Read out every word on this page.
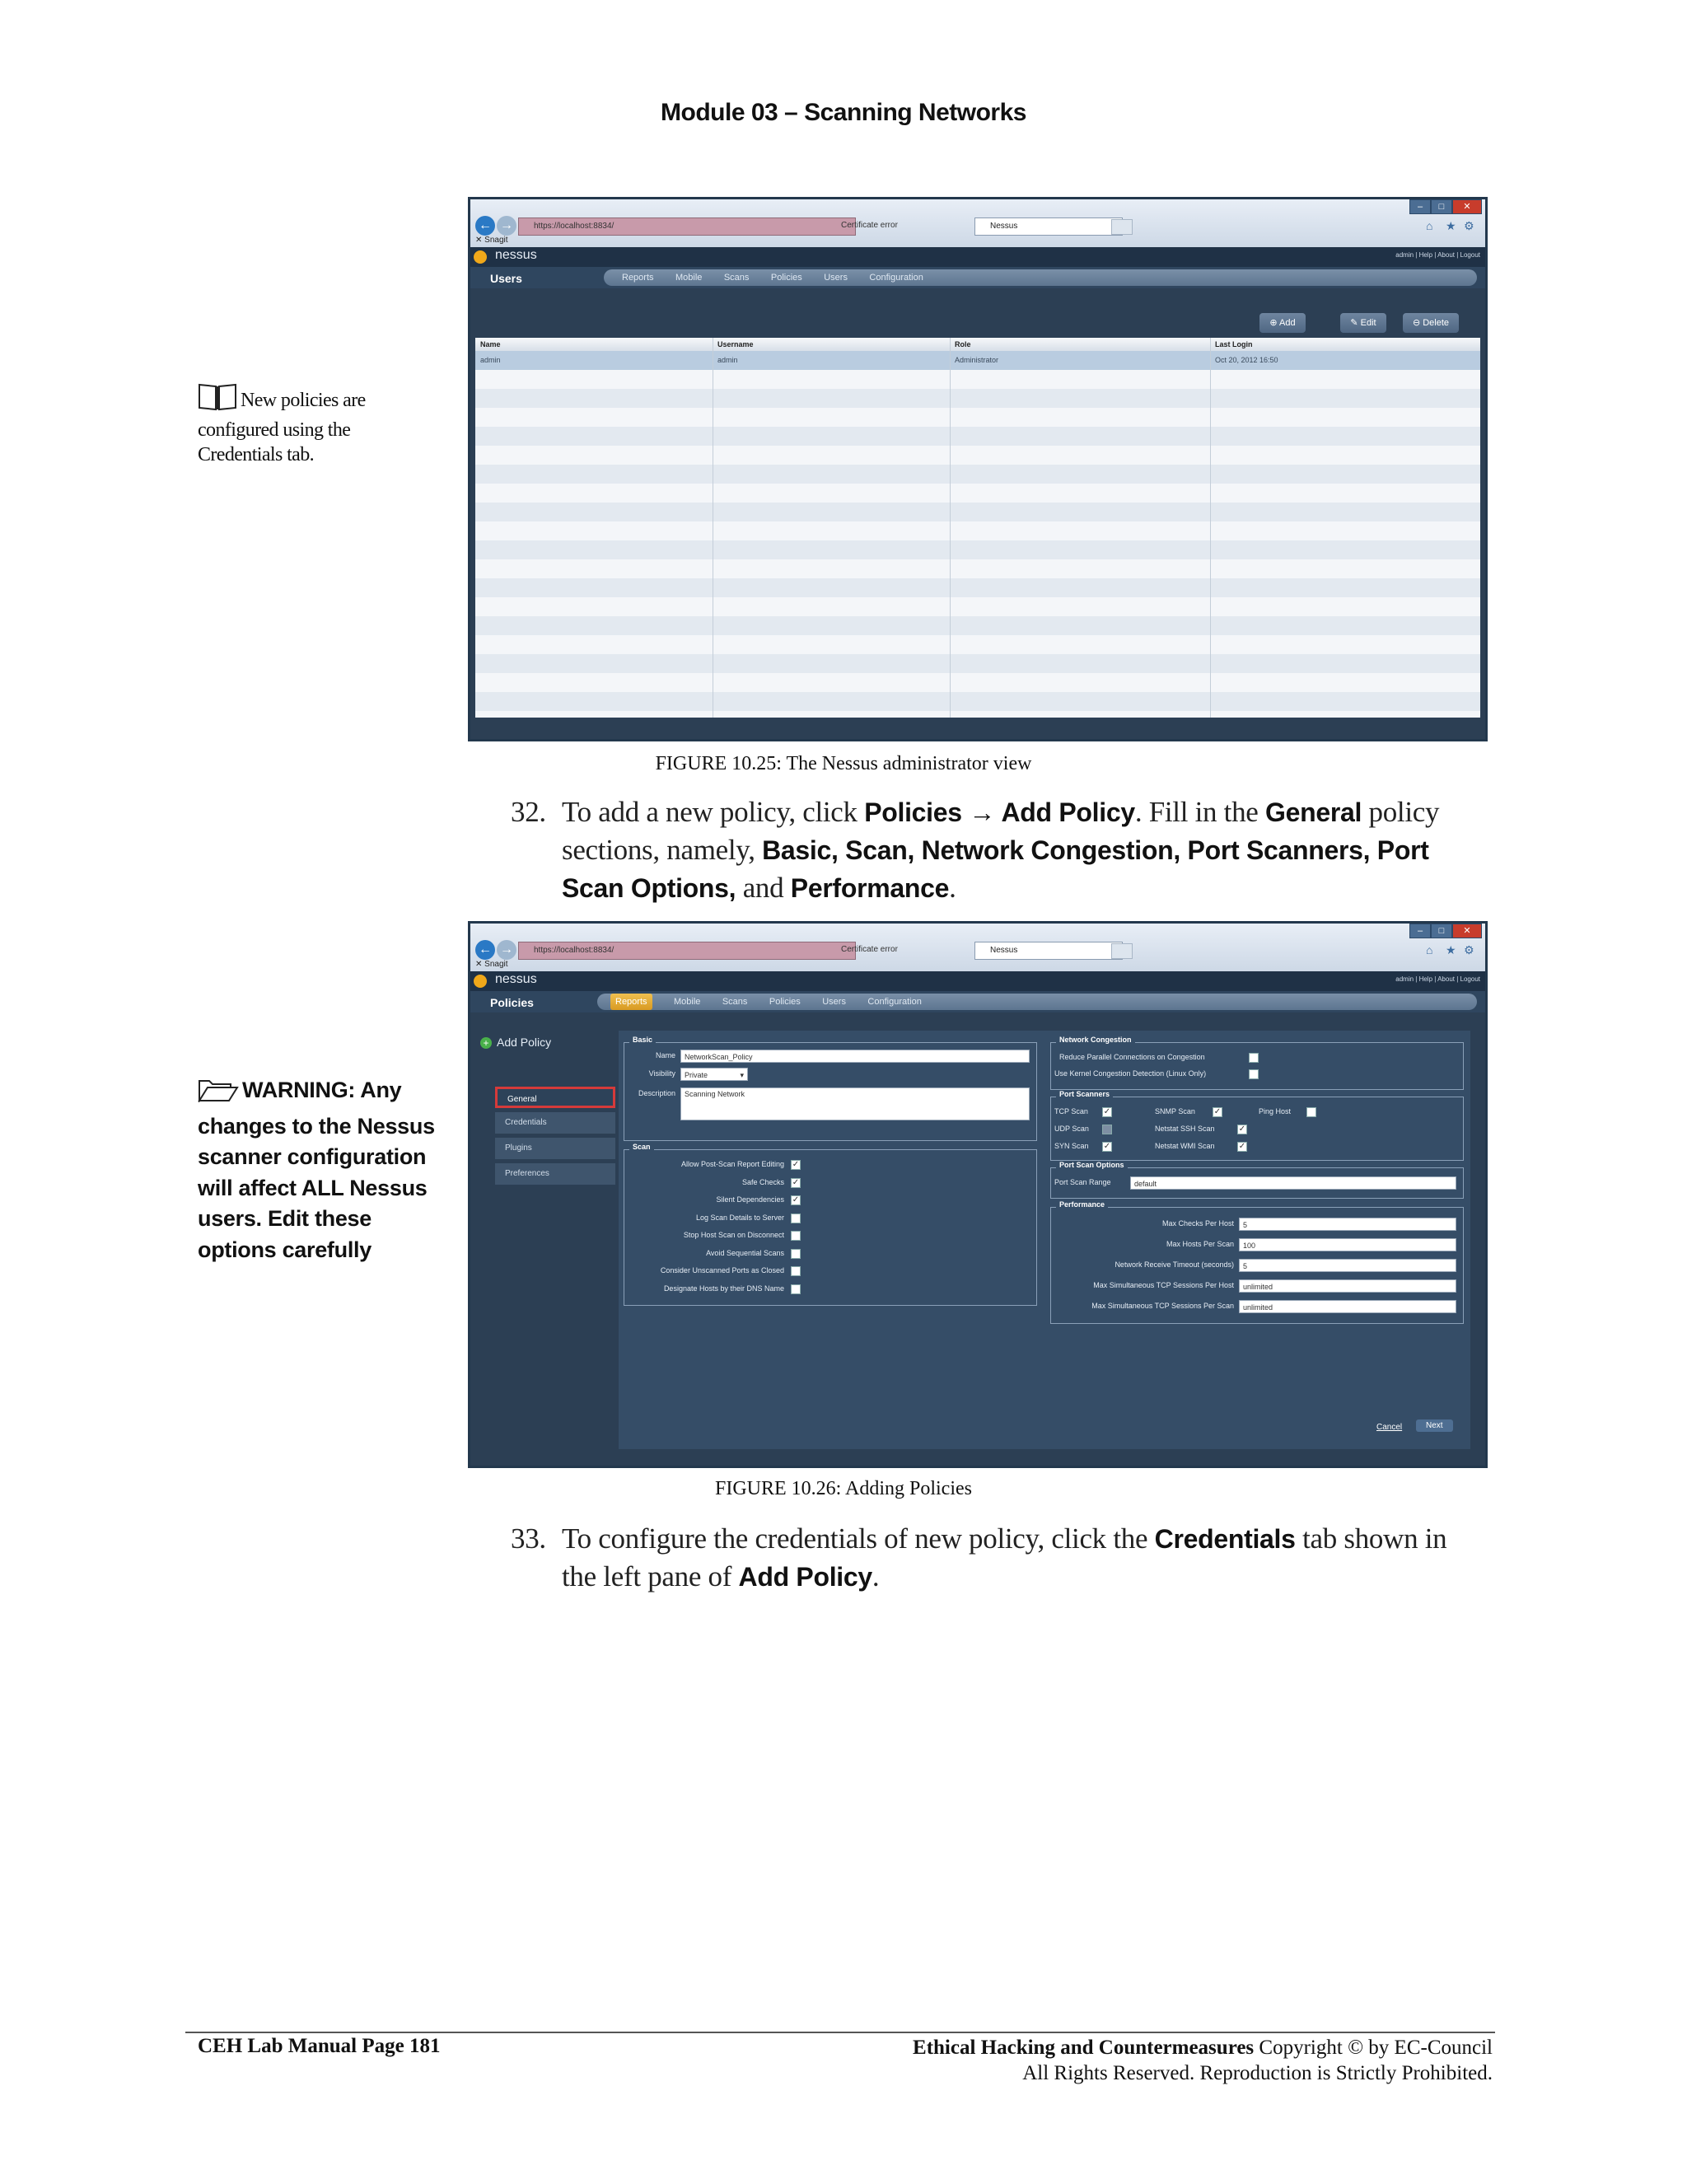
Module 03 – Scanning Networks
New policies are configured using the Credentials tab.
WARNING: Any changes to the Nessus scanner configuration will affect ALL Nessus users. Edit these options carefully
–	□	✕
← →	https://localhost:8834/	Certificate error	Nessus	⌂ ★ ⚙
✕ Snagit
nessus	admin | Help | About | Logout
Users	Reports Mobile Scans Policies Users Configuration
⊕ Add	✎ Edit	⊖ Delete
Name	Username	Role	Last Login
admin	admin	Administrator	Oct 20, 2012 16:50
FIGURE 10.25: The Nessus administrator view
32. To add a new policy, click Policies → Add Policy. Fill in the General policy sections, namely, Basic, Scan, Network Congestion, Port Scanners, Port Scan Options, and Performance.
–	□	✕
← →	https://localhost:8834/	Certificate error	Nessus	⌂ ★ ⚙
✕ Snagit
nessus	admin | Help | About | Logout
Policies	Reports	Mobile Scans Policies Users Configuration
+ Add Policy
General
Credentials
Plugins
Preferences
Basic
Name	NetworkScan_Policy
Visibility	Private	▾
Description	Scanning Network
Scan
Allow Post-Scan Report Editing ✓
Safe Checks ✓
Silent Dependencies ✓
Log Scan Details to Server
Stop Host Scan on Disconnect
Avoid Sequential Scans
Consider Unscanned Ports as Closed
Designate Hosts by their DNS Name
Network Congestion
Reduce Parallel Connections on Congestion
Use Kernel Congestion Detection (Linux Only)
Port Scanners
TCP Scan ✓	SNMP Scan ✓	Ping Host
UDP Scan	Netstat SSH Scan	✓
SYN Scan ✓	Netstat WMI Scan	✓
Port Scan Options
Port Scan Range	default
Performance
Max Checks Per Host	5
Max Hosts Per Scan	100
Network Receive Timeout (seconds)	5
Max Simultaneous TCP Sessions Per Host	unlimited
Max Simultaneous TCP Sessions Per Scan	unlimited
Cancel	Next
FIGURE 10.26: Adding Policies
33. To configure the credentials of new policy, click the Credentials tab shown in the left pane of Add Policy.
CEH Lab Manual Page 181	Ethical Hacking and Countermeasures Copyright © by EC-Council
All Rights Reserved. Reproduction is Strictly Prohibited.
